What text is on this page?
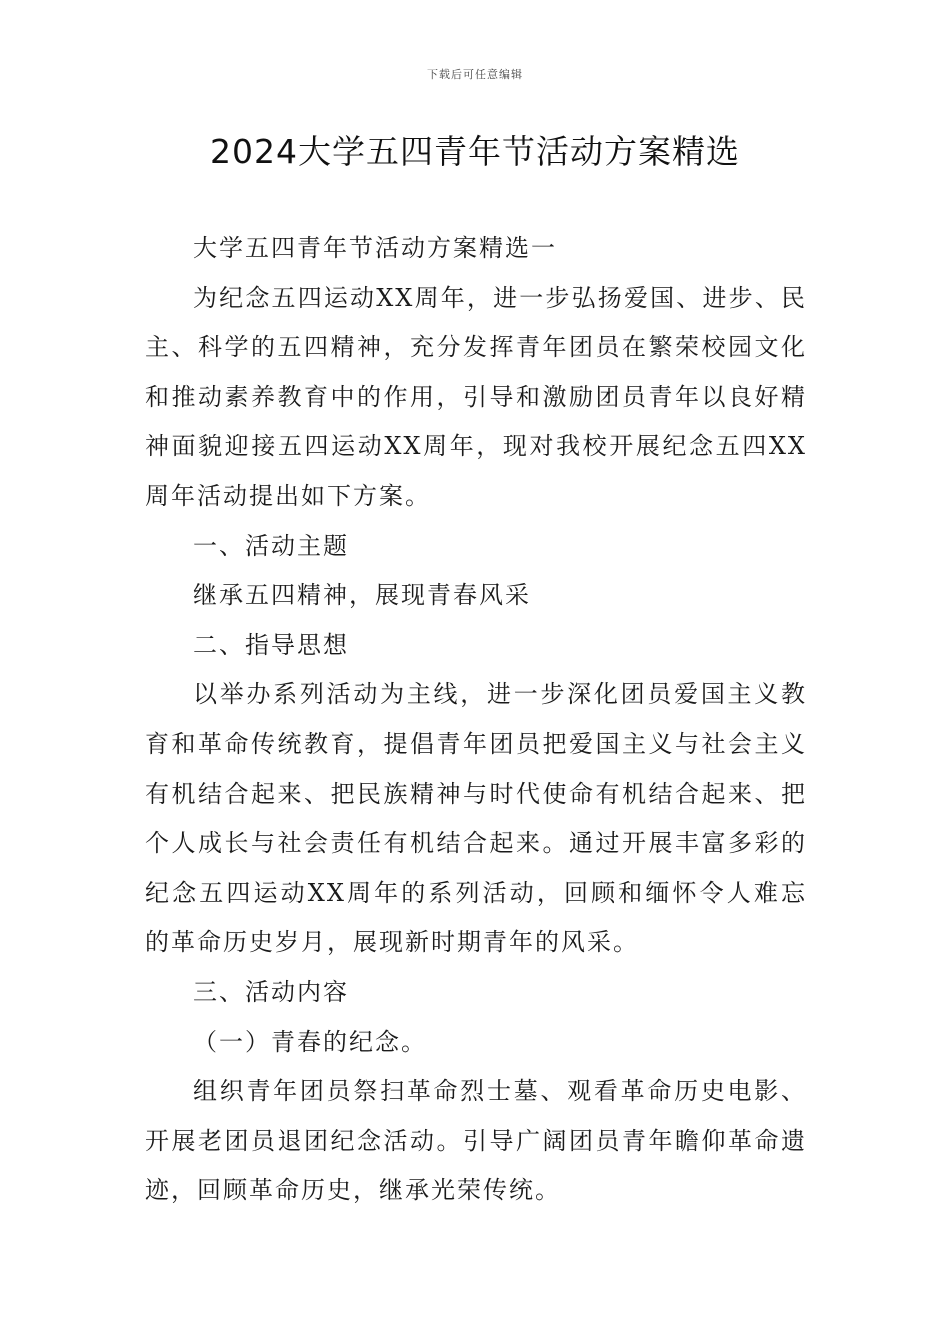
下载后可任意编辑
2024大学五四青年节活动方案精选

大学五四青年节活动方案精选一

为纪念五四运动XX周年，进一步弘扬爱国、进步、民主、科学的五四精神，充分发挥青年团员在繁荣校园文化和推动素养教育中的作用，引导和激励团员青年以良好精神面貌迎接五四运动XX周年，现对我校开展纪念五四XX周年活动提出如下方案。

一、活动主题

继承五四精神，展现青春风采

二、指导思想

以举办系列活动为主线，进一步深化团员爱国主义教育和革命传统教育，提倡青年团员把爱国主义与社会主义有机结合起来、把民族精神与时代使命有机结合起来、把个人成长与社会责任有机结合起来。通过开展丰富多彩的纪念五四运动XX周年的系列活动，回顾和缅怀令人难忘的革命历史岁月，展现新时期青年的风采。

三、活动内容

（一）青春的纪念。

组织青年团员祭扫革命烈士墓、观看革命历史电影、开展老团员退团纪念活动。引导广阔团员青年瞻仰革命遗迹，回顾革命历史，继承光荣传统。
